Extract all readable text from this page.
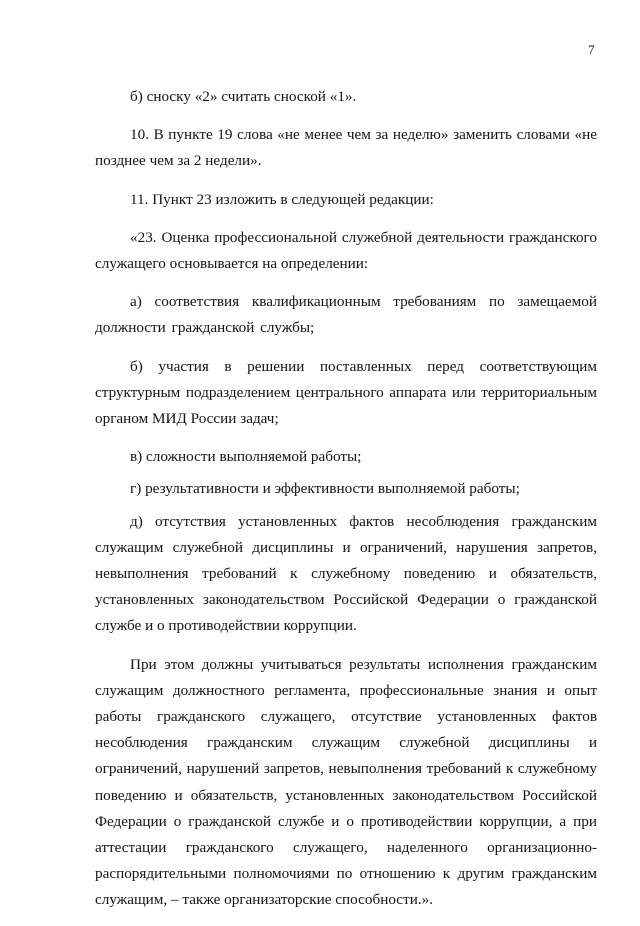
7

б) сноску «2» считать сноской «1».

10. В пункте 19 слова «не менее чем за неделю» заменить словами «не позднее чем за 2 недели».

11. Пункт 23 изложить в следующей редакции:

«23. Оценка профессиональной служебной деятельности гражданского служащего основывается на определении:

а) соответствия квалификационным требованиям по замещаемой должности гражданской службы;

б) участия в решении поставленных перед соответствующим структурным подразделением центрального аппарата или территориальным органом МИД России задач;

в) сложности выполняемой работы;

г) результативности и эффективности выполняемой работы;

д) отсутствия установленных фактов несоблюдения гражданским служащим служебной дисциплины и ограничений, нарушения запретов, невыполнения требований к служебному поведению и обязательств, установленных законодательством Российской Федерации о гражданской службе и о противодействии коррупции.

При этом должны учитываться результаты исполнения гражданским служащим должностного регламента, профессиональные знания и опыт работы гражданского служащего, отсутствие установленных фактов несоблюдения гражданским служащим служебной дисциплины и ограничений, нарушений запретов, невыполнения требований к служебному поведению и обязательств, установленных законодательством Российской Федерации о гражданской службе и о противодействии коррупции, а при аттестации гражданского служащего, наделенного организационно-распорядительными полномочиями по отношению к другим гражданским служащим, – также организаторские способности.».
